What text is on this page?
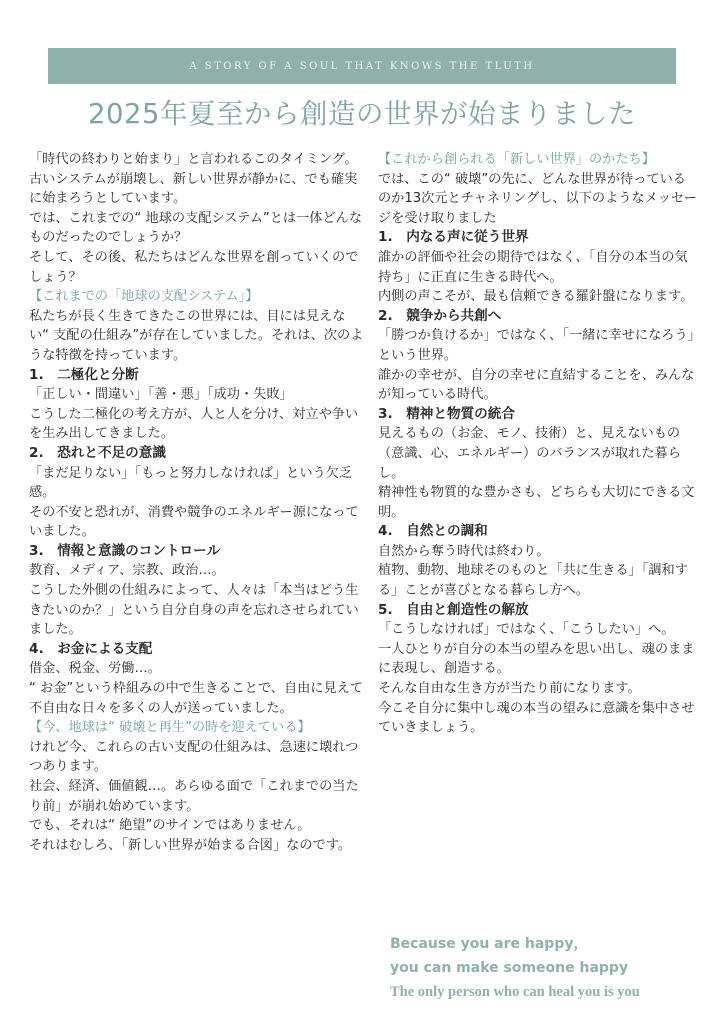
A STORY OF A SOUL THAT KNOWS THE TLUTH
2025年夏至から創造の世界が始まりました

「時代の終わりと始まり」と言われるこのタイミング。

古いシステムが崩壊し、新しい世界が静かに、でも確実に始まろうとしています。

では、これまでの“ 地球の支配システム”とは一体どんなものだったのでしょうか？

そして、その後、私たちはどんな世界を創っていくのでしょう？

【これまでの「地球の支配システム」】

私たちが長く生きてきたこの世界には、目には見えない“ 支配の仕組み”が存在していました。それは、次のような特徴を持っています。

1.　二極化と分断

「正しい・間違い」「善・悪」「成功・失敗」

こうした二極化の考え方が、人と人を分け、対立や争いを生み出してきました。

2.　恐れと不足の意識

「まだ足りない」「もっと努力しなければ」という欠乏感。

その不安と恐れが、消費や競争のエネルギー源になっていました。

3.　情報と意識のコントロール

教育、メディア、宗教、政治…。

こうした外側の仕組みによって、人々は「本当はどう生きたいのか？」という自分自身の声を忘れさせられていました。

4.　お金による支配

借金、税金、労働…。

“ お金”という枠組みの中で生きることで、自由に見えて不自由な日々を多くの人が送っていました。

【今、地球は“ 破壊と再生”の時を迎えている】

けれど今、これらの古い支配の仕組みは、急速に壊れつつあります。

社会、経済、価値観…。あらゆる面で「これまでの当たり前」が崩れ始めています。

でも、それは“ 絶望”のサインではありません。

それはむしろ、「新しい世界が始まる合図」なのです。

【これから創られる「新しい世界」のかたち】

では、この“ 破壊”の先に、どんな世界が待っているのか13次元とチャネリングし、以下のようなメッセージを受け取りました

1.　内なる声に従う世界

誰かの評価や社会の期待ではなく、「自分の本当の気持ち」に正直に生きる時代へ。

内側の声こそが、最も信頼できる羅針盤になります。

2.　競争から共創へ

「勝つか負けるか」ではなく、「一緒に幸せになろう」という世界。

誰かの幸せが、自分の幸せに直結することを、みんなが知っている時代。

3.　精神と物質の統合

見えるもの（お金、モノ、技術）と、見えないもの（意識、心、エネルギー）のバランスが取れた暮らし。

精神性も物質的な豊かさも、どちらも大切にできる文明。

4.　自然との調和

自然から奪う時代は終わり。

植物、動物、地球そのものと「共に生きる」「調和する」ことが喜びとなる暮らし方へ。

5.　自由と創造性の解放

「こうしなければ」ではなく、「こうしたい」へ。

一人ひとりが自分の本当の望みを思い出し、魂のままに表現し、創造する。

そんな自由な生き方が当たり前になります。

今こそ自分に集中し魂の本当の望みに意識を集中させていきましょう。

Because you are happy，
you can make someone happy
The only person who can heal you is you
